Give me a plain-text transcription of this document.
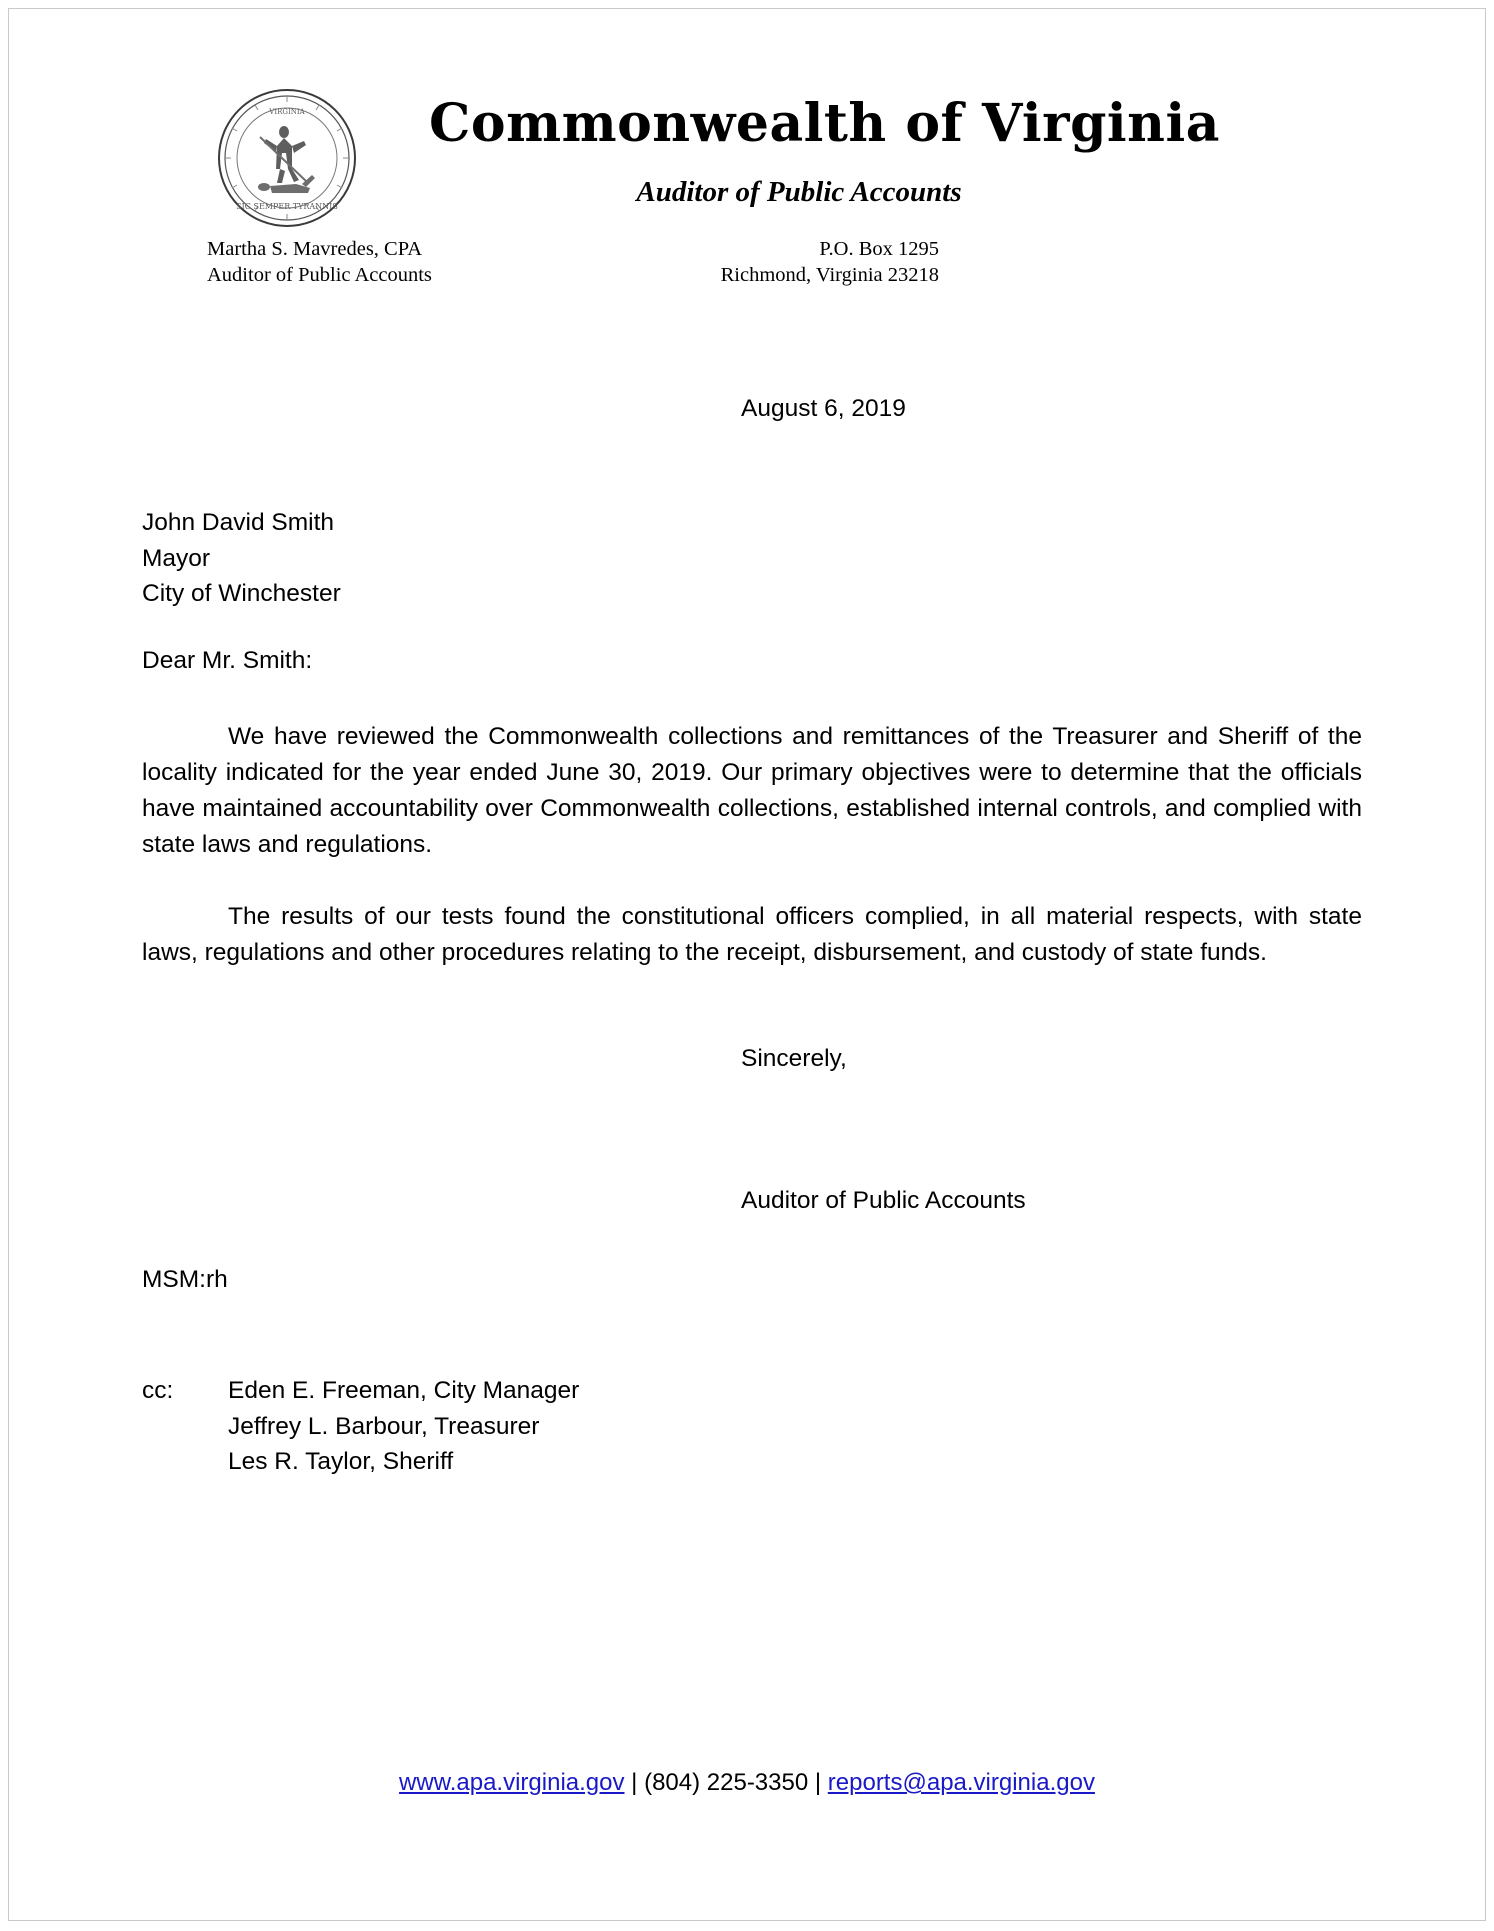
SIC SEMPER TYRANNIS
VIRGINIA Commonwealth of Virginia
Auditor of Public Accounts
Martha S. Mavredes, CPA
Auditor of Public Accounts
P.O. Box 1295
Richmond, Virginia 23218
August 6, 2019
John David Smith
Mayor
City of Winchester
Dear Mr. Smith:
We have reviewed the Commonwealth collections and remittances of the Treasurer and Sheriff of the locality indicated for the year ended June 30, 2019. Our primary objectives were to determine that the officials have maintained accountability over Commonwealth collections, established internal controls, and complied with state laws and regulations.
The results of our tests found the constitutional officers complied, in all material respects, with state laws, regulations and other procedures relating to the receipt, disbursement, and custody of state funds.
Sincerely,
Auditor of Public Accounts
MSM:rh
cc:	Eden E. Freeman, City Manager
Jeffrey L. Barbour, Treasurer
Les R. Taylor, Sheriff
www.apa.virginia.gov | (804) 225-3350 | reports@apa.virginia.gov
